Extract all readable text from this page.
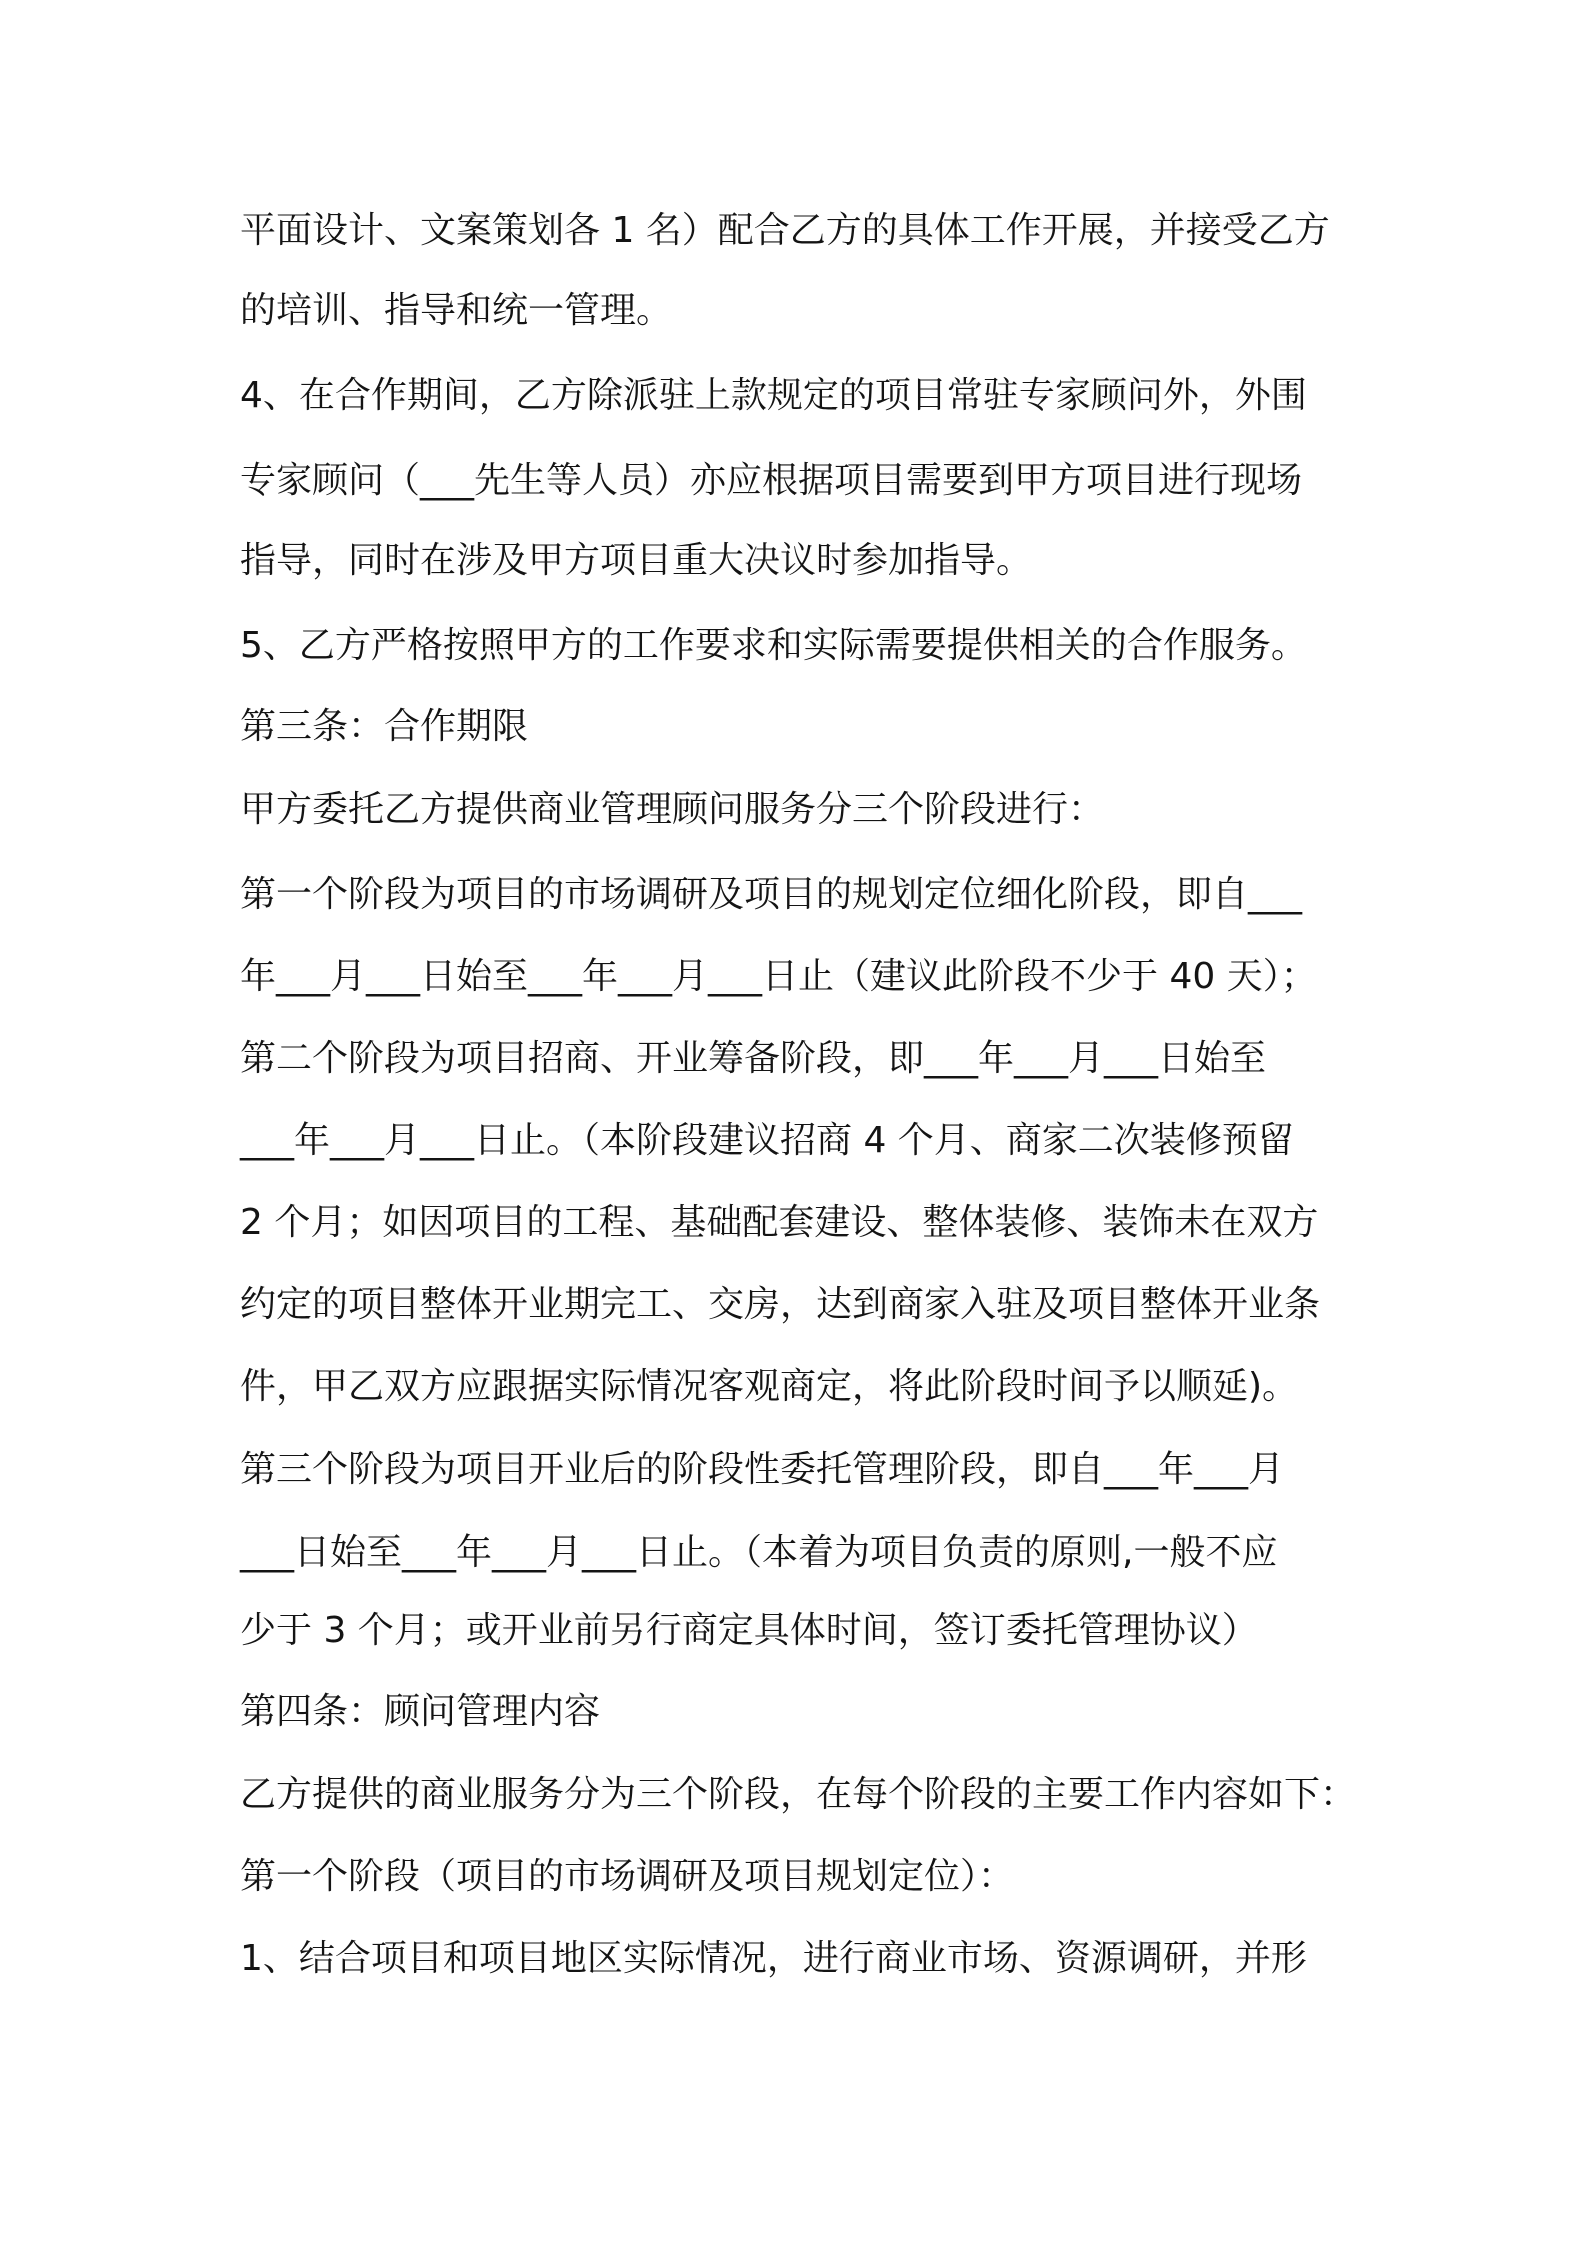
平面设计、文案策划各 1 名）配合乙方的具体工作开展，并接受乙方

的培训、指导和统一管理。

4、在合作期间，乙方除派驻上款规定的项目常驻专家顾问外，外围

专家顾问（___先生等人员）亦应根据项目需要到甲方项目进行现场

指导，同时在涉及甲方项目重大决议时参加指导。

5、乙方严格按照甲方的工作要求和实际需要提供相关的合作服务。

第三条：合作期限

甲方委托乙方提供商业管理顾问服务分三个阶段进行：

第一个阶段为项目的市场调研及项目的规划定位细化阶段，即自___

年___月___日始至___年___月___日止（建议此阶段不少于 40 天）；

第二个阶段为项目招商、开业筹备阶段，即___年___月___日始至

___年___月___日止。（本阶段建议招商 4 个月、商家二次装修预留

2 个月；如因项目的工程、基础配套建设、整体装修、装饰未在双方

约定的项目整体开业期完工、交房，达到商家入驻及项目整体开业条

件，甲乙双方应跟据实际情况客观商定，将此阶段时间予以顺延)。

第三个阶段为项目开业后的阶段性委托管理阶段，即自___年___月

___日始至___年___月___日止。（本着为项目负责的原则,一般不应

少于 3 个月；或开业前另行商定具体时间，签订委托管理协议）

第四条：顾问管理内容

乙方提供的商业服务分为三个阶段，在每个阶段的主要工作内容如下：

第一个阶段（项目的市场调研及项目规划定位）：

1、结合项目和项目地区实际情况，进行商业市场、资源调研，并形
